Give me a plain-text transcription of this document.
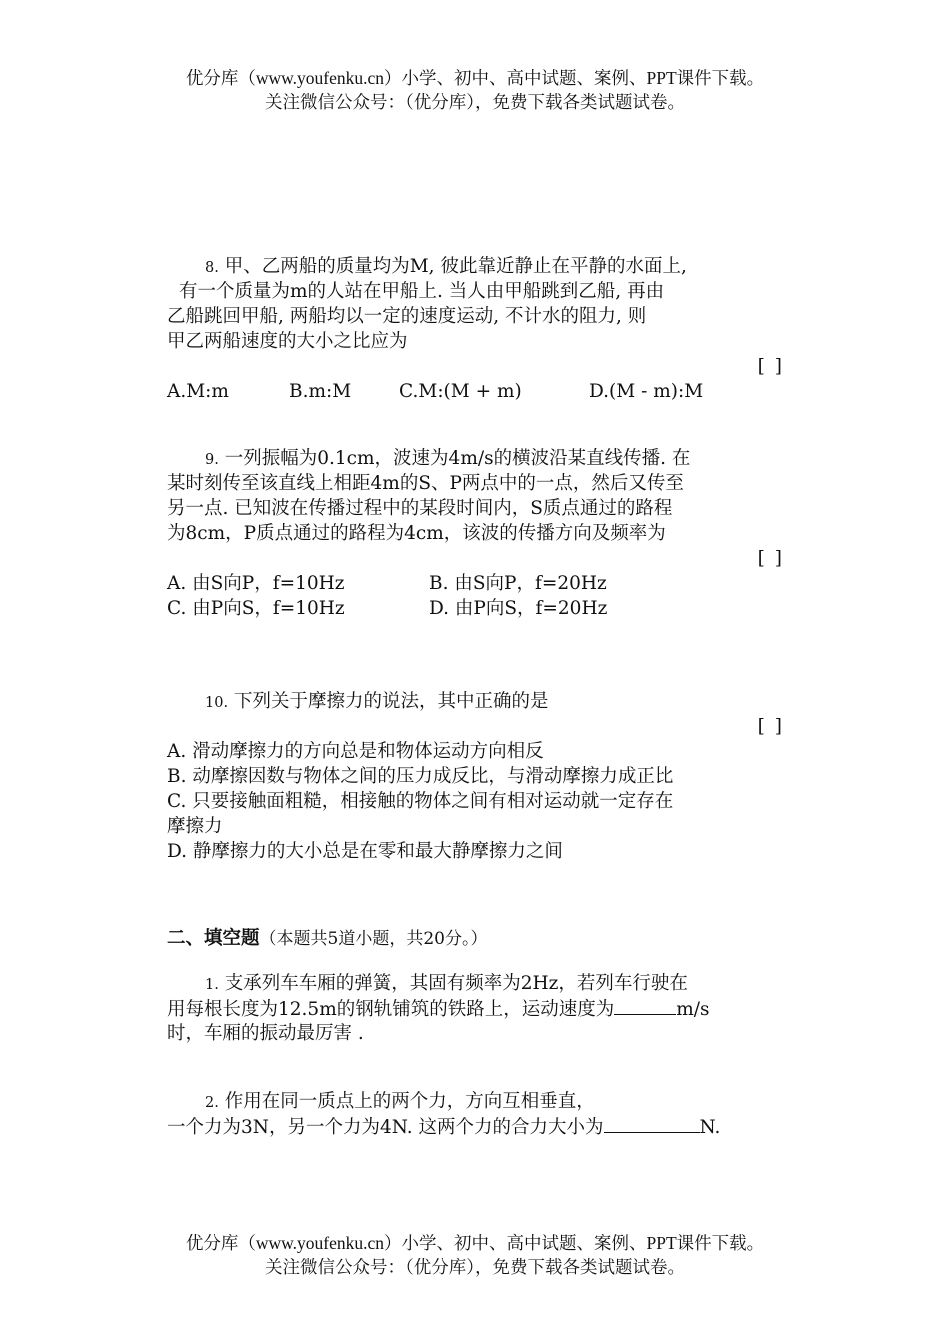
优分库（www.youfenku.cn）小学、初中、高中试题、案例、PPT课件下载。
关注微信公众号：（优分库），免费下载各类试题试卷。
8. 甲、乙两船的质量均为M, 彼此靠近静止在平静的水面上,
有一个质量为m的人站在甲船上. 当人由甲船跳到乙船, 再由
乙船跳回甲船, 两船均以一定的速度运动, 不计水的阻力, 则
甲乙两船速度的大小之比应为
[ ]
A.M:m	B.m:M	C.M:(M + m)	D.(M - m):M
9. 一列振幅为0.1cm，波速为4m/s的横波沿某直线传播. 在
某时刻传至该直线上相距4m的S、P两点中的一点，然后又传至
另一点. 已知波在传播过程中的某段时间内，S质点通过的路程
为8cm，P质点通过的路程为4cm，该波的传播方向及频率为
[ ]
A. 由S向P，f=10Hz	B. 由S向P，f=20Hz
C. 由P向S，f=10Hz	D. 由P向S，f=20Hz
10. 下列关于摩擦力的说法，其中正确的是
[ ]
A. 滑动摩擦力的方向总是和物体运动方向相反
B. 动摩擦因数与物体之间的压力成反比，与滑动摩擦力成正比
C. 只要接触面粗糙，相接触的物体之间有相对运动就一定存在
摩擦力
D. 静摩擦力的大小总是在零和最大静摩擦力之间
二、填空题（本题共5道小题，共20分。）
1. 支承列车车厢的弹簧，其固有频率为2Hz，若列车行驶在
用每根长度为12.5m的钢轨铺筑的铁路上，运动速度为	m/s
时，车厢的振动最厉害 .
2. 作用在同一质点上的两个力，方向互相垂直，
一个力为3N，另一个力为4N. 这两个力的合力大小为	N.
优分库（www.youfenku.cn）小学、初中、高中试题、案例、PPT课件下载。
关注微信公众号：（优分库），免费下载各类试题试卷。
